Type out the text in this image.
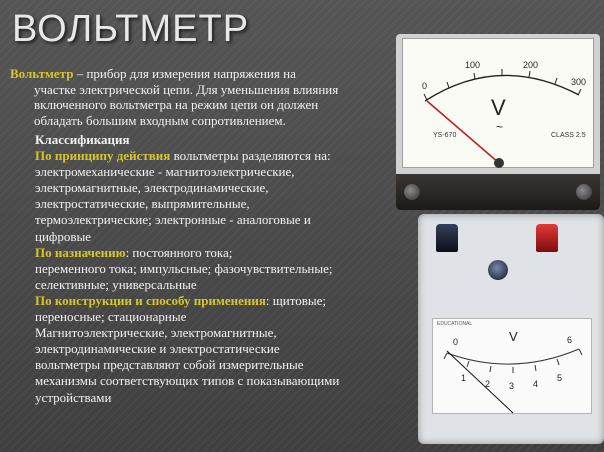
ВОЛЬТМЕТР
Вольтметр – прибор для измерения напряжения на
участке электрической цепи. Для уменьшения влияния
включенного вольтметра на режим цепи он должен
обладать большим входным сопротивлением.
Классификация
По принципу действия вольтметры разделяются на:
электромеханические - магнитоэлектрические,
электромагнитные, электродинамические,
электростатические, выпрямительные,
термоэлектрические; электронные - аналоговые и
цифровые
По назначению: постоянного тока;
переменного тока; импульсные; фазочувствительные;
селективные; универсальные
По конструкции и способу применения: щитовые;
переносные; стационарные
Магнитоэлектрические, электромагнитные,
электродинамические и электростатические
вольтметры представляют собой измерительные
механизмы соответствующих типов с показывающими
устройствами
0
100	200
300
V
~
YS-670	CLASS 2.5
EDUCATIONAL
0
1
2 3 4
5
6
V
